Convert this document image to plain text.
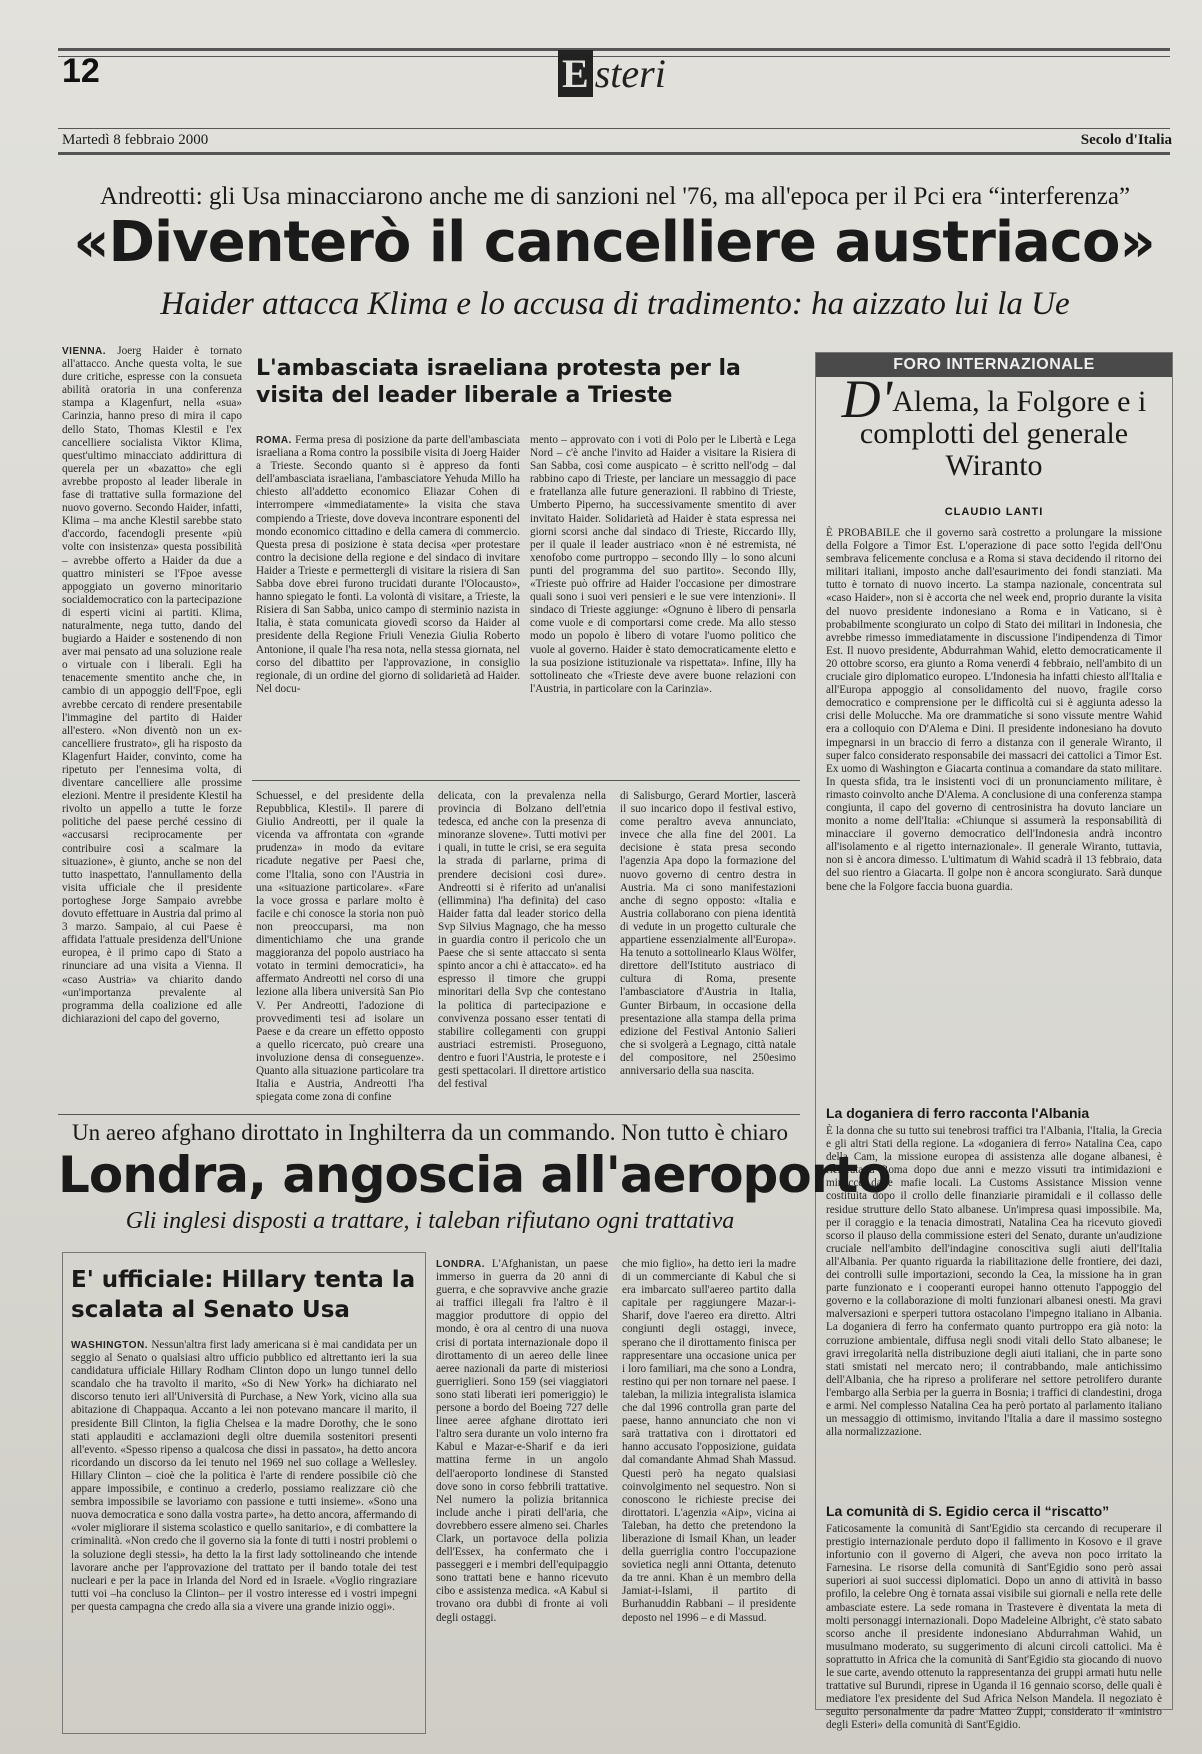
12	E steri
Martedì 8 febbraio 2000	Secolo d'Italia
Andreotti: gli Usa minacciarono anche me di sanzioni nel '76, ma all'epoca per il Pci era “interferenza”
«Diventerò il cancelliere austriaco»
Haider attacca Klima e lo accusa di tradimento: ha aizzato lui la Ue
VIENNA. Joerg Haider è tornato all'attacco. Anche questa volta, le sue dure critiche, espresse con la consueta abilità oratoria in una conferenza stampa a Klagenfurt, nella «sua» Carinzia, hanno preso di mira il capo dello Stato, Thomas Klestil e l'ex cancelliere socialista Viktor Klima, quest'ultimo minacciato addirittura di querela per un «bazatto» che egli avrebbe proposto al leader liberale in fase di trattative sulla formazione del nuovo governo. Secondo Haider, infatti, Klima – ma anche Klestil sarebbe stato d'accordo, facendogli presente «più volte con insistenza» questa possibilità – avrebbe offerto a Haider da due a quattro ministeri se l'Fpoe avesse appoggiato un governo minoritario socialdemocratico con la partecipazione di esperti vicini ai partiti. Klima, naturalmente, nega tutto, dando del bugiardo a Haider e sostenendo di non aver mai pensato ad una soluzione reale o virtuale con i liberali. Egli ha tenacemente smentito anche che, in cambio di un appoggio dell'Fpoe, egli avrebbe cercato di rendere presentabile l'immagine del partito di Haider all'estero. «Non diventò non un ex-cancelliere frustrato», gli ha risposto da Klagenfurt Haider, convinto, come ha ripetuto per l'ennesima volta, di diventare cancelliere alle prossime elezioni. Mentre il presidente Klestil ha rivolto un appello a tutte le forze politiche del paese perché cessino di «accusarsi reciprocamente per contribuire così a scalmare la situazione», è giunto, anche se non del tutto inaspettato, l'annullamento della visita ufficiale che il presidente portoghese Jorge Sampaio avrebbe dovuto effettuare in Austria dal primo al 3 marzo. Sampaio, al cui Paese è affidata l'attuale presidenza dell'Unione europea, è il primo capo di Stato a rinunciare ad una visita a Vienna. Il «caso Austria» va chiarito dando «un'importanza prevalente al programma della coalizione ed alle dichiarazioni del capo del governo,
L'ambasciata israeliana protesta per la visita del leader liberale a Trieste
ROMA. Ferma presa di posizione da parte dell'ambasciata israeliana a Roma contro la possibile visita di Joerg Haider a Trieste. Secondo quanto si è appreso da fonti dell'ambasciata israeliana, l'ambasciatore Yehuda Millo ha chiesto all'addetto economico Eliazar Cohen di interrompere «immediatamente» la visita che stava compiendo a Trieste, dove doveva incontrare esponenti del mondo economico cittadino e della camera di commercio. Questa presa di posizione è stata decisa «per protestare contro la decisione della regione e del sindaco di invitare Haider a Trieste e permettergli di visitare la risiera di San Sabba dove ebrei furono trucidati durante l'Olocausto», hanno spiegato le fonti. La volontà di visitare, a Trieste, la Risiera di San Sabba, unico campo di sterminio nazista in Italia, è stata comunicata giovedì scorso da Haider al presidente della Regione Friuli Venezia Giulia Roberto Antonione, il quale l'ha resa nota, nella stessa giornata, nel corso del dibattito per l'approvazione, in consiglio regionale, di un ordine del giorno di solidarietà ad Haider. Nel docu-
mento – approvato con i voti di Polo per le Libertà e Lega Nord – c'è anche l'invito ad Haider a visitare la Risiera di San Sabba, così come auspicato – è scritto nell'odg – dal rabbino capo di Trieste, per lanciare un messaggio di pace e fratellanza alle future generazioni. Il rabbino di Trieste, Umberto Piperno, ha successivamente smentito di aver invitato Haider. Solidarietà ad Haider è stata espressa nei giorni scorsi anche dal sindaco di Trieste, Riccardo Illy, per il quale il leader austriaco «non è né estremista, né xenofobo come purtroppo – secondo Illy – lo sono alcuni punti del programma del suo partito». Secondo Illy, «Trieste può offrire ad Haider l'occasione per dimostrare quali sono i suoi veri pensieri e le sue vere intenzioni». Il sindaco di Trieste aggiunge: «Ognuno è libero di pensarla come vuole e di comportarsi come crede. Ma allo stesso modo un popolo è libero di votare l'uomo politico che vuole al governo. Haider è stato democraticamente eletto e la sua posizione istituzionale va rispettata». Infine, Illy ha sottolineato che «Trieste deve avere buone relazioni con l'Austria, in particolare con la Carinzia».
Schuessel, e del presidente della Repubblica, Klestil». Il parere di Giulio Andreotti, per il quale la vicenda va affrontata con «grande prudenza» in modo da evitare ricadute negative per Paesi che, come l'Italia, sono con l'Austria in una «situazione particolare». «Fare la voce grossa e parlare molto è facile e chi conosce la storia non può non preoccuparsi, ma non dimentichiamo che una grande maggioranza del popolo austriaco ha votato in termini democratici», ha affermato Andreotti nel corso di una lezione alla libera università San Pio V. Per Andreotti, l'adozione di provvedimenti tesi ad isolare un Paese e da creare un effetto opposto a quello ricercato, può creare una involuzione densa di conseguenze». Quanto alla situazione particolare tra Italia e Austria, Andreotti l'ha spiegata come zona di confine
delicata, con la prevalenza nella provincia di Bolzano dell'etnia tedesca, ed anche con la presenza di minoranze slovene». Tutti motivi per i quali, in tutte le crisi, se era seguita la strada di parlarne, prima di prendere decisioni così dure». Andreotti si è riferito ad un'analisi (ellimmina) l'ha definita) del caso Haider fatta dal leader storico della Svp Silvius Magnago, che ha messo in guardia contro il pericolo che un Paese che si sente attaccato si senta spinto ancor a chi è attaccato». ed ha espresso il timore che gruppi minoritari della Svp che contestano la politica di partecipazione e convivenza possano esser tentati di stabilire collegamenti con gruppi austriaci estremisti. Proseguono, dentro e fuori l'Austria, le proteste e i gesti spettacolari. Il direttore artistico del festival
di Salisburgo, Gerard Mortier, lascerà il suo incarico dopo il festival estivo, come peraltro aveva annunciato, invece che alla fine del 2001. La decisione è stata presa secondo l'agenzia Apa dopo la formazione del nuovo governo di centro destra in Austria. Ma ci sono manifestazioni anche di segno opposto: «Italia e Austria collaborano con piena identità di vedute in un progetto culturale che appartiene essenzialmente all'Europa». Ha tenuto a sottolinearlo Klaus Wölfer, direttore dell'Istituto austriaco di cultura di Roma, presente l'ambasciatore d'Austria in Italia, Gunter Birbaum, in occasione della presentazione alla stampa della prima edizione del Festival Antonio Salieri che si svolgerà a Legnago, città natale del compositore, nel 250esimo anniversario della sua nascita.
FORO INTERNAZIONALE
D'Alema, la Folgore e i complotti del generale Wiranto
CLAUDIO LANTI
È PROBABILE che il governo sarà costretto a prolungare la missione della Folgore a Timor Est. L'operazione di pace sotto l'egida dell'Onu sembrava felicemente conclusa e a Roma si stava decidendo il ritorno dei militari italiani, imposto anche dall'esaurimento dei fondi stanziati. Ma tutto è tornato di nuovo incerto. La stampa nazionale, concentrata sul «caso Haider», non si è accorta che nel week end, proprio durante la visita del nuovo presidente indonesiano a Roma e in Vaticano, si è probabilmente scongiurato un colpo di Stato dei militari in Indonesia, che avrebbe rimesso immediatamente in discussione l'indipendenza di Timor Est. Il nuovo presidente, Abdurrahman Wahid, eletto democraticamente il 20 ottobre scorso, era giunto a Roma venerdì 4 febbraio, nell'ambito di un cruciale giro diplomatico europeo. L'Indonesia ha infatti chiesto all'Italia e all'Europa appoggio al consolidamento del nuovo, fragile corso democratico e comprensione per le difficoltà cui si è aggiunta adesso la crisi delle Molucche. Ma ore drammatiche si sono vissute mentre Wahid era a colloquio con D'Alema e Dini. Il presidente indonesiano ha dovuto impegnarsi in un braccio di ferro a distanza con il generale Wiranto, il super falco considerato responsabile dei massacri dei cattolici a Timor Est. Ex uomo di Washington e Giacarta continua a comandare da stato militare. In questa sfida, tra le insistenti voci di un pronunciamento militare, è rimasto coinvolto anche D'Alema. A conclusione di una conferenza stampa congiunta, il capo del governo di centrosinistra ha dovuto lanciare un monito a nome dell'Italia: «Chiunque si assumerà la responsabilità di minacciare il governo democratico dell'Indonesia andrà incontro all'isolamento e al rigetto internazionale». Il generale Wiranto, tuttavia, non si è ancora dimesso. L'ultimatum di Wahid scadrà il 13 febbraio, data del suo rientro a Giacarta. Il golpe non è ancora scongiurato. Sarà dunque bene che la Folgore faccia buona guardia.
La doganiera di ferro racconta l'Albania
È la donna che su tutto sui tenebrosi traffici tra l'Albania, l'Italia, la Grecia e gli altri Stati della regione. La «doganiera di ferro» Natalina Cea, capo della Cam, la missione europea di assistenza alle dogane albanesi, è rientrata a Roma dopo due anni e mezzo vissuti tra intimidazioni e minacce dalle mafie locali. La Customs Assistance Mission venne costituita dopo il crollo delle finanziarie piramidali e il collasso delle residue strutture dello Stato albanese. Un'impresa quasi impossibile. Ma, per il coraggio e la tenacia dimostrati, Natalina Cea ha ricevuto giovedì scorso il plauso della commissione esteri del Senato, durante un'audizione cruciale nell'ambito dell'indagine conoscitiva sugli aiuti dell'Italia all'Albania. Per quanto riguarda la riabilitazione delle frontiere, dei dazi, dei controlli sulle importazioni, secondo la Cea, la missione ha in gran parte funzionato e i cooperanti europei hanno ottenuto l'appoggio del governo e la collaborazione di molti funzionari albanesi onesti. Ma gravi malversazioni e sperperi tuttora ostacolano l'impegno italiano in Albania. La doganiera di ferro ha confermato quanto purtroppo era già noto: la corruzione ambientale, diffusa negli snodi vitali dello Stato albanese; le gravi irregolarità nella distribuzione degli aiuti italiani, che in parte sono stati smistati nel mercato nero; il contrabbando, male antichissimo dell'Albania, che ha ripreso a proliferare nel settore petrolifero durante l'embargo alla Serbia per la guerra in Bosnia; i traffici di clandestini, droga e armi. Nel complesso Natalina Cea ha però portato al parlamento italiano un messaggio di ottimismo, invitando l'Italia a dare il massimo sostegno alla normalizzazione.
La comunità di S. Egidio cerca il “riscatto”
Faticosamente la comunità di Sant'Egidio sta cercando di recuperare il prestigio internazionale perduto dopo il fallimento in Kosovo e il grave infortunio con il governo di Algeri, che aveva non poco irritato la Farnesina. Le risorse della comunità di Sant'Egidio sono però assai superiori ai suoi successi diplomatici. Dopo un anno di attività in basso profilo, la celebre Ong è tornata assai visibile sui giornali e nella rete delle ambasciate estere. La sede romana in Trastevere è diventata la meta di molti personaggi internazionali. Dopo Madeleine Albright, c'è stato sabato scorso anche il presidente indonesiano Abdurrahman Wahid, un musulmano moderato, su suggerimento di alcuni circoli cattolici. Ma è soprattutto in Africa che la comunità di Sant'Egidio sta giocando di nuovo le sue carte, avendo ottenuto la rappresentanza dei gruppi armati hutu nelle trattative sul Burundi, riprese in Uganda il 16 gennaio scorso, delle quali è mediatore l'ex presidente del Sud Africa Nelson Mandela. Il negoziato è seguito personalmente da padre Matteo Zuppi, considerato il «ministro degli Esteri» della comunità di Sant'Egidio.
Un aereo afghano dirottato in Inghilterra da un commando. Non tutto è chiaro
Londra, angoscia all'aeroporto
Gli inglesi disposti a trattare, i taleban rifiutano ogni trattativa
E' ufficiale: Hillary tenta la scalata al Senato Usa
WASHINGTON. Nessun'altra first lady americana si è mai candidata per un seggio al Senato o qualsiasi altro ufficio pubblico ed altrettanto ieri la sua candidatura ufficiale Hillary Rodham Clinton dopo un lungo tunnel dello scandalo che ha travolto il marito, «So di New York» ha dichiarato nel discorso tenuto ieri all'Università di Purchase, a New York, vicino alla sua abitazione di Chappaqua. Accanto a lei non potevano mancare il marito, il presidente Bill Clinton, la figlia Chelsea e la madre Dorothy, che le sono stati applauditi e acclamazioni degli oltre duemila sostenitori presenti all'evento. «Spesso ripenso a qualcosa che dissi in passato», ha detto ancora ricordando un discorso da lei tenuto nel 1969 nel suo collage a Wellesley. Hillary Clinton – cioè che la politica è l'arte di rendere possibile ciò che appare impossibile, e continuo a crederlo, possiamo realizzare ciò che sembra impossibile se lavoriamo con passione e tutti insieme». «Sono una nuova democratica e sono dalla vostra parte», ha detto ancora, affermando di «voler migliorare il sistema scolastico e quello sanitario», e di combattere la criminalità. «Non credo che il governo sia la fonte di tutti i nostri problemi o la soluzione degli stessi», ha detto la la first lady sottolineando che intende lavorare anche per l'approvazione del trattato per il bando totale dei test nucleari e per la pace in Irlanda del Nord ed in Israele. «Voglio ringraziare tutti voi –ha concluso la Clinton– per il vostro interesse ed i vostri impegni per questa campagna che credo alla sia a vivere una grande inizio oggi».
LONDRA. L'Afghanistan, un paese immerso in guerra da 20 anni di guerra, e che sopravvive anche grazie ai traffici illegali fra l'altro è il maggior produttore di oppio del mondo, è ora al centro di una nuova crisi di portata internazionale dopo il dirottamento di un aereo delle linee aeree nazionali da parte di misteriosi guerriglieri. Sono 159 (sei viaggiatori sono stati liberati ieri pomeriggio) le persone a bordo del Boeing 727 delle linee aeree afghane dirottato ieri l'altro sera durante un volo interno fra Kabul e Mazar-e-Sharif e da ieri mattina ferme in un angolo dell'aeroporto londinese di Stansted dove sono in corso febbrili trattative. Nel numero la polizia britannica include anche i pirati dell'aria, che dovrebbero essere almeno sei. Charles Clark, un portavoce della polizia dell'Essex, ha confermato che i passeggeri e i membri dell'equipaggio sono trattati bene e hanno ricevuto cibo e assistenza medica. «A Kabul si trovano ora dubbi di fronte ai voli degli ostaggi.
che mio figlio», ha detto ieri la madre di un commerciante di Kabul che si era imbarcato sull'aereo partito dalla capitale per raggiungere Mazar-i-Sharif, dove l'aereo era diretto. Altri congiunti degli ostaggi, invece, sperano che il dirottamento finisca per rappresentare una occasione unica per i loro familiari, ma che sono a Londra, restino qui per non tornare nel paese. I taleban, la milizia integralista islamica che dal 1996 controlla gran parte del paese, hanno annunciato che non vi sarà trattativa con i dirottatori ed hanno accusato l'opposizione, guidata dal comandante Ahmad Shah Massud. Questi però ha negato qualsiasi coinvolgimento nel sequestro. Non si conoscono le richieste precise dei dirottatori. L'agenzia «Aip», vicina ai Taleban, ha detto che pretendono la liberazione di Ismail Khan, un leader della guerriglia contro l'occupazione sovietica negli anni Ottanta, detenuto da tre anni. Khan è un membro della Jamiat-i-Islami, il partito di Burhanuddin Rabbani – il presidente deposto nel 1996 – e di Massud.
